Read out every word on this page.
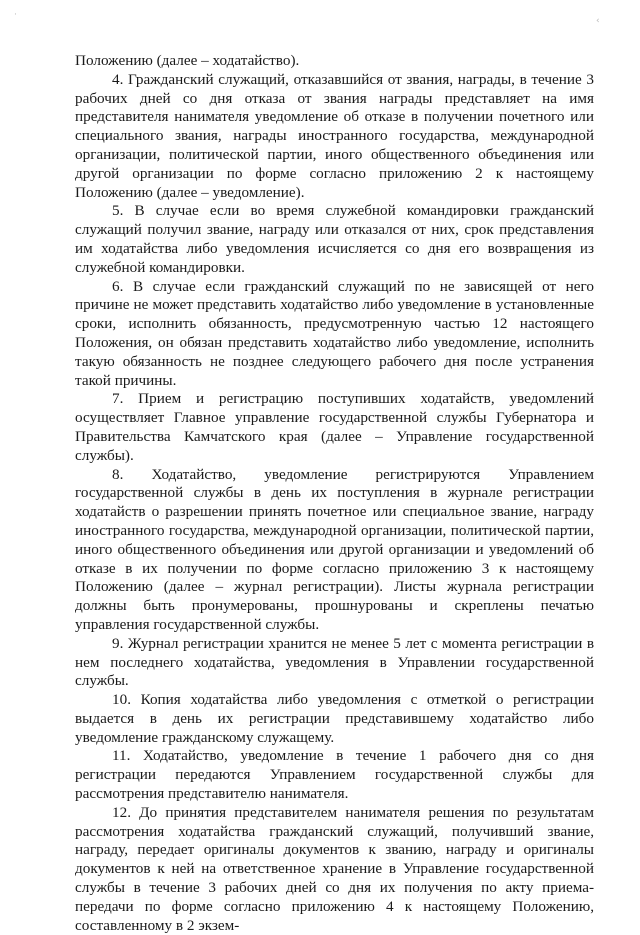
·
‹

Положению (далее – ходатайство).

4. Гражданский служащий, отказавшийся от звания, награды, в течение 3 рабочих дней со дня отказа от звания награды представляет на имя представителя нанимателя уведомление об отказе в получении почетного или специального звания, награды иностранного государства, международной организации, политической партии, иного общественного объединения или другой организации по форме согласно приложению 2 к настоящему Положению (далее – уведомление).

5. В случае если во время служебной командировки гражданский служащий получил звание, награду или отказался от них, срок представления им ходатайства либо уведомления исчисляется со дня его возвращения из служебной командировки.

6. В случае если гражданский служащий по не зависящей от него причине не может представить ходатайство либо уведомление в установленные сроки, исполнить обязанность, предусмотренную частью 12 настоящего Положения, он обязан представить ходатайство либо уведомление, исполнить такую обязанность не позднее следующего рабочего дня после устранения такой причины.

7. Прием и регистрацию поступивших ходатайств, уведомлений осуществляет Главное управление государственной службы Губернатора и Правительства Камчатского края (далее – Управление государственной службы).

8. Ходатайство, уведомление регистрируются Управлением государственной службы в день их поступления в журнале регистрации ходатайств о разрешении принять почетное или специальное звание, награду иностранного государства, международной организации, политической партии, иного общественного объединения или другой организации и уведомлений об отказе в их получении по форме согласно приложению 3 к настоящему Положению (далее – журнал регистрации). Листы журнала регистрации должны быть пронумерованы, прошнурованы и скреплены печатью управления государственной службы.

9. Журнал регистрации хранится не менее 5 лет с момента регистрации в нем последнего ходатайства, уведомления в Управлении государственной службы.

10. Копия ходатайства либо уведомления с отметкой о регистрации выдается в день их регистрации представившему ходатайство либо уведомление гражданскому служащему.

11. Ходатайство, уведомление в течение 1 рабочего дня со дня регистрации передаются Управлением государственной службы для рассмотрения представителю нанимателя.

12. До принятия представителем нанимателя решения по результатам рассмотрения ходатайства гражданский служащий, получивший звание, награду, передает оригиналы документов к званию, награду и оригиналы документов к ней на ответственное хранение в Управление государственной службы в течение 3 рабочих дней со дня их получения по акту приема-передачи по форме согласно приложению 4 к настоящему Положению, составленному в 2 экзем-
